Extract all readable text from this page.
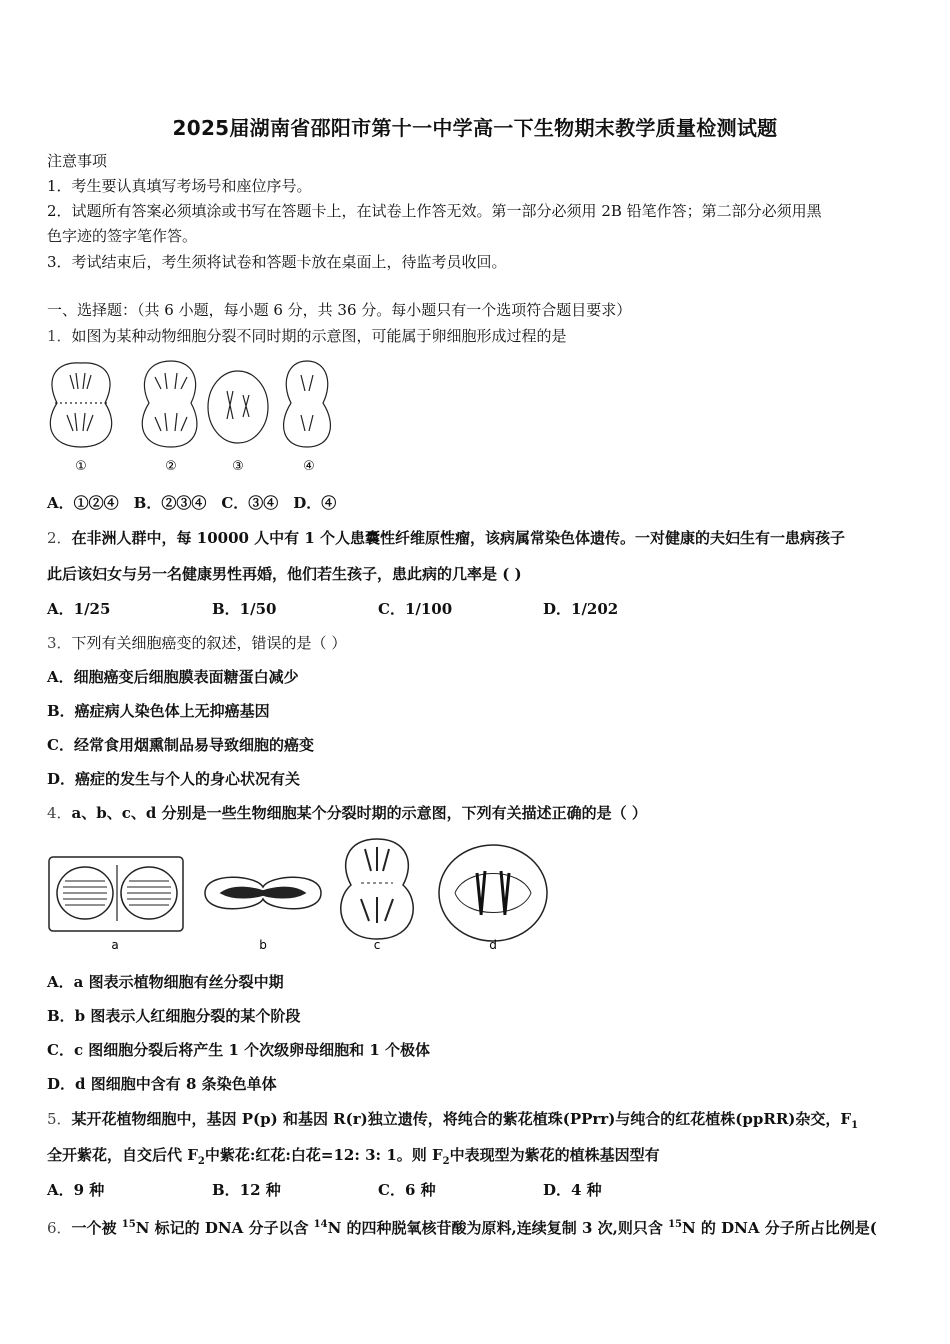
2025届湖南省邵阳市第十一中学高一下生物期末教学质量检测试题
注意事项
1．考生要认真填写考场号和座位序号。
2．试题所有答案必须填涂或书写在答题卡上，在试卷上作答无效。第一部分必须用 2B 铅笔作答；第二部分必须用黑
色字迹的签字笔作答。
3．考试结束后，考生须将试卷和答题卡放在桌面上，待监考员收回。
一、选择题：（共 6 小题，每小题 6 分，共 36 分。每小题只有一个选项符合题目要求）
1．如图为某种动物细胞分裂不同时期的示意图，可能属于卵细胞形成过程的是
①	②	③	④
A．①②④　B．②③④　C．③④　D．④
2．在非洲人群中，每 10000 人中有 1 个人患囊性纤维原性瘤，该病属常染色体遗传。一对健康的夫妇生有一患病孩子
此后该妇女与另一名健康男性再婚，他们若生孩子，患此病的几率是 ( )
A．1/25	B．1/50	C．1/100	D．1/202
3．下列有关细胞癌变的叙述，错误的是（ ）
A．细胞癌变后细胞膜表面糖蛋白减少
B．癌症病人染色体上无抑癌基因
C．经常食用烟熏制品易导致细胞的癌变
D．癌症的发生与个人的身心状况有关
4．a、b、c、d 分别是一些生物细胞某个分裂时期的示意图，下列有关描述正确的是（ ）
a	b	c	d
A．a 图表示植物细胞有丝分裂中期
B．b 图表示人红细胞分裂的某个阶段
C．c 图细胞分裂后将产生 1 个次级卵母细胞和 1 个极体
D．d 图细胞中含有 8 条染色单体
5．某开花植物细胞中，基因 P(p) 和基因 R(r)独立遗传，将纯合的紫花植珠(PPrr)与纯合的红花植株(ppRR)杂交，$F_1$
全开紫花，自交后代 $F_2$中紫花:红花:白花=12: 3: 1。则 $F_2$中表现型为紫花的植株基因型有
A．9 种	B．12 种	C．6 种	D．4 种
6．一个被 $^{15}$N 标记的 DNA 分子以含 $^{14}$N 的四种脱氧核苷酸为原料,连续复制 3 次,则只含 $^{15}$N 的 DNA 分子所占比例是(
